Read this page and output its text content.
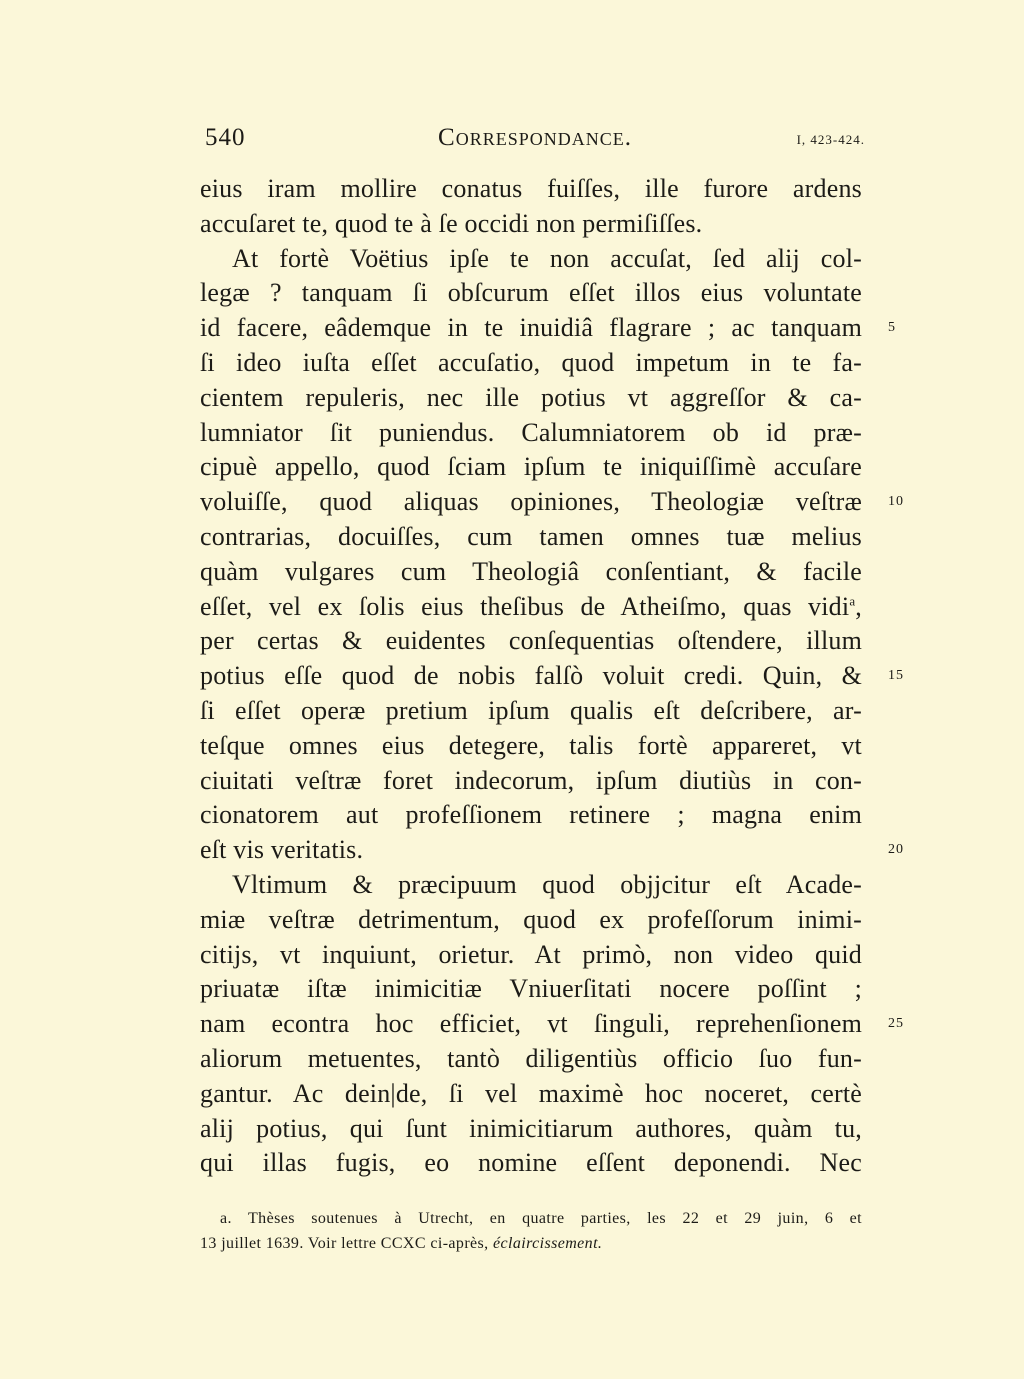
540	Correspondance.	I, 423-424.
eius iram mollire conatus fuiſſes, ille furore ardens
accuſaret te, quod te à ſe occidi non permiſiſſes.
At fortè Voëtius ipſe te non accuſat, ſed alij col-
legæ ? tanquam ſi obſcurum eſſet illos eius voluntate
id facere, eâdemque in te inuidiâ flagrare ; ac tanquam 5
ſi ideo iuſta eſſet accuſatio, quod impetum in te fa-
cientem repuleris, nec ille potius vt aggreſſor & ca-
lumniator ſit puniendus. Calumniatorem ob id præ-
cipuè appello, quod ſciam ipſum te iniquiſſimè accuſare
voluiſſe, quod aliquas opiniones, Theologiæ veſtræ 10
contrarias, docuiſſes, cum tamen omnes tuæ melius
quàm vulgares cum Theologiâ conſentiant, & facile
eſſet, vel ex ſolis eius theſibus de Atheiſmo, quas vidi$^a$,
per certas & euidentes conſequentias oſtendere, illum
potius eſſe quod de nobis falſò voluit credi. Quin, & 15
ſi eſſet operæ pretium ipſum qualis eſt deſcribere, ar-
teſque omnes eius detegere, talis fortè appareret, vt
ciuitati veſtræ foret indecorum, ipſum diutiùs in con-
cionatorem aut profeſſionem retinere ; magna enim
eſt vis veritatis.	20
Vltimum & præcipuum quod objjcitur eſt Acade-
miæ veſtræ detrimentum, quod ex profeſſorum inimi-
citijs, vt inquiunt, orietur. At primò, non video quid
priuatæ iſtæ inimicitiæ Vniuerſitati nocere poſſint ;
nam econtra hoc efficiet, vt ſinguli, reprehenſionem 25
aliorum metuentes, tantò diligentiùs officio ſuo fun-
gantur. Ac dein|de, ſi vel maximè hoc noceret, certè
alij potius, qui ſunt inimicitiarum authores, quàm tu,
qui illas fugis, eo nomine eſſent deponendi. Nec
a. Thèses soutenues à Utrecht, en quatre parties, les 22 et 29 juin, 6 et
13 juillet 1639. Voir lettre CCXC ci-après, éclaircissement.
